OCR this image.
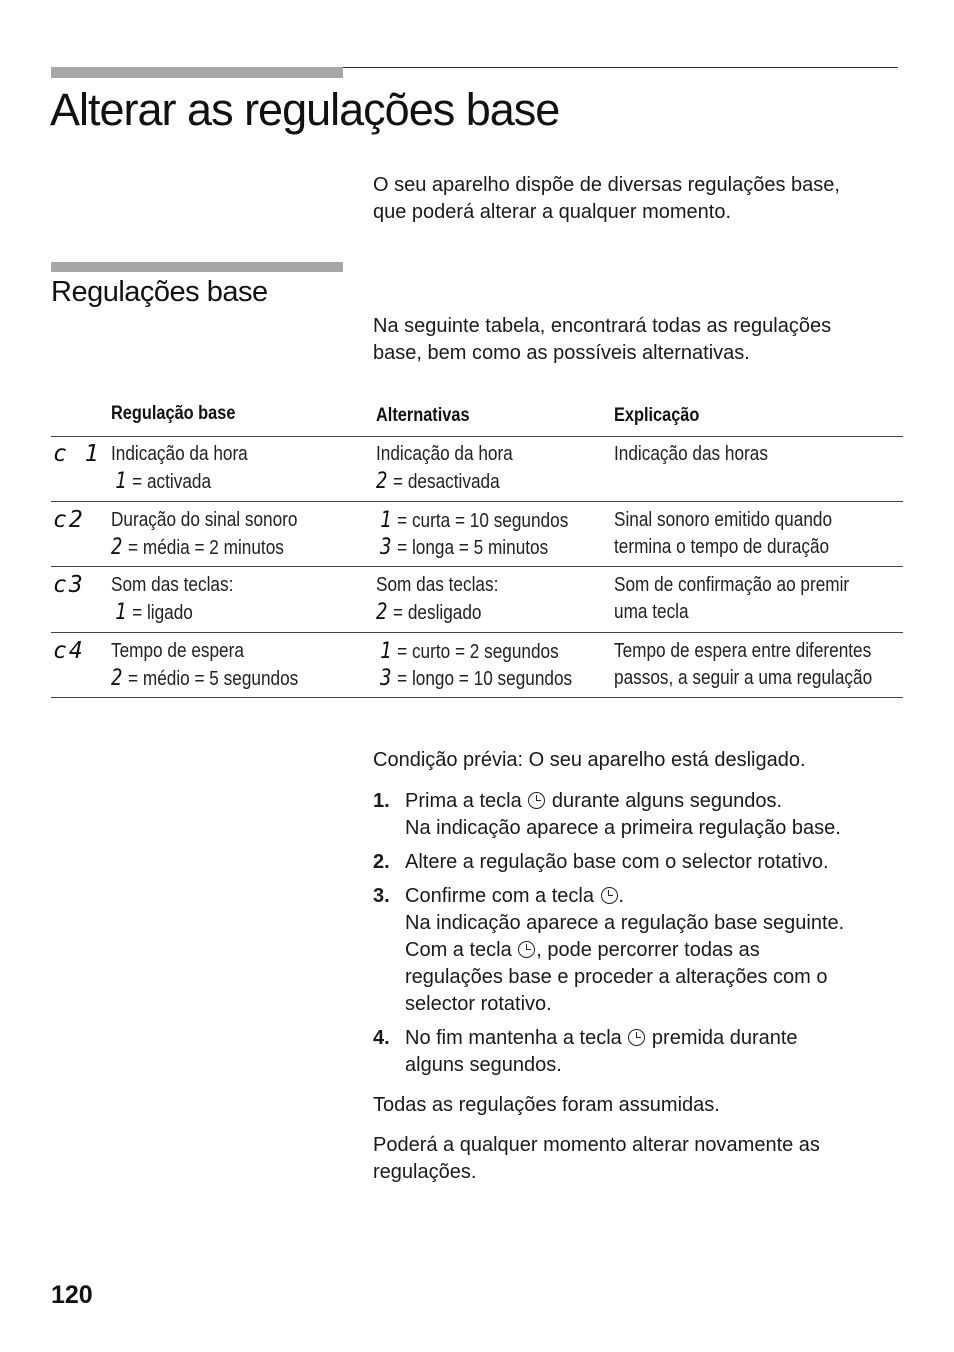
Alterar as regulações base

O seu aparelho dispõe de diversas regulações base,

que poderá alterar a qualquer momento.

Regulações base

Na seguinte tabela, encontrará todas as regulações

base, bem como as possíveis alternativas.

Regulação base	Alternativas	Explicação
c 1 Indicação da hora
1 = activada
Indicação da hora
2 = desactivada
Indicação das horas
c2 Duração do sinal sonoro
2 = média = 2 minutos
1 = curta = 10 segundos
3 = longa = 5 minutos
Sinal sonoro emitido quando
termina o tempo de duração
c3 Som das teclas:
1 = ligado
Som das teclas:
2 = desligado
Som de confirmação ao premir
uma tecla
c4 Tempo de espera
2 = médio = 5 segundos
1 = curto = 2 segundos
3 = longo = 10 segundos
Tempo de espera entre diferentes
passos, a seguir a uma regulação

Condição prévia: O seu aparelho está desligado.

1. Prima a tecla durante alguns segundos.
Na indicação aparece a primeira regulação base.
2. Altere a regulação base com o selector rotativo.
3. Confirme com a tecla .
Na indicação aparece a regulação base seguinte.
Com a tecla , pode percorrer todas as
regulações base e proceder a alterações com o
selector rotativo.
4. No fim mantenha a tecla premida durante
alguns segundos.

Todas as regulações foram assumidas.

Poderá a qualquer momento alterar novamente as

regulações.

120
